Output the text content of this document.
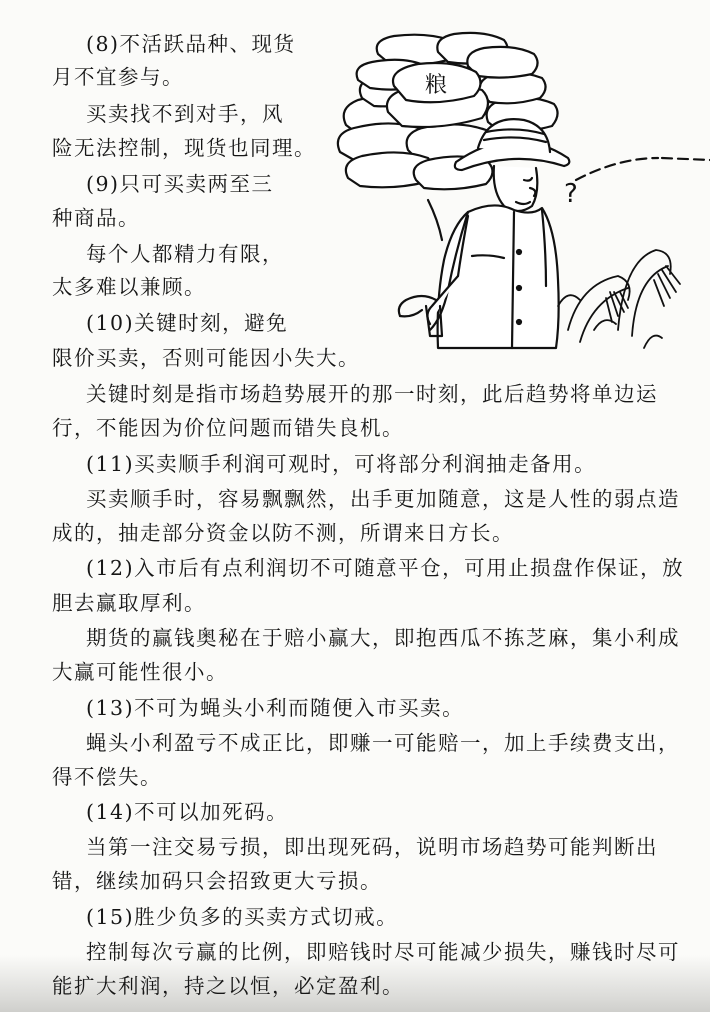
粮
?

(8)不活跃品种、现货

月不宜参与。

买卖找不到对手，风

险无法控制，现货也同理。

(9)只可买卖两至三

种商品。

每个人都精力有限，

太多难以兼顾。

(10)关键时刻，避免

限价买卖，否则可能因小失大。

关键时刻是指市场趋势展开的那一时刻，此后趋势将单边运

行，不能因为价位问题而错失良机。

(11)买卖顺手利润可观时，可将部分利润抽走备用。

买卖顺手时，容易飘飘然，出手更加随意，这是人性的弱点造

成的，抽走部分资金以防不测，所谓来日方长。

(12)入市后有点利润切不可随意平仓，可用止损盘作保证，放

胆去赢取厚利。

期货的赢钱奥秘在于赔小赢大，即抱西瓜不拣芝麻，集小利成

大赢可能性很小。

(13)不可为蝇头小利而随便入市买卖。

蝇头小利盈亏不成正比，即赚一可能赔一，加上手续费支出，

得不偿失。

(14)不可以加死码。

当第一注交易亏损，即出现死码，说明市场趋势可能判断出

错，继续加码只会招致更大亏损。

(15)胜少负多的买卖方式切戒。

控制每次亏赢的比例，即赔钱时尽可能减少损失，赚钱时尽可

能扩大利润，持之以恒，必定盈利。
